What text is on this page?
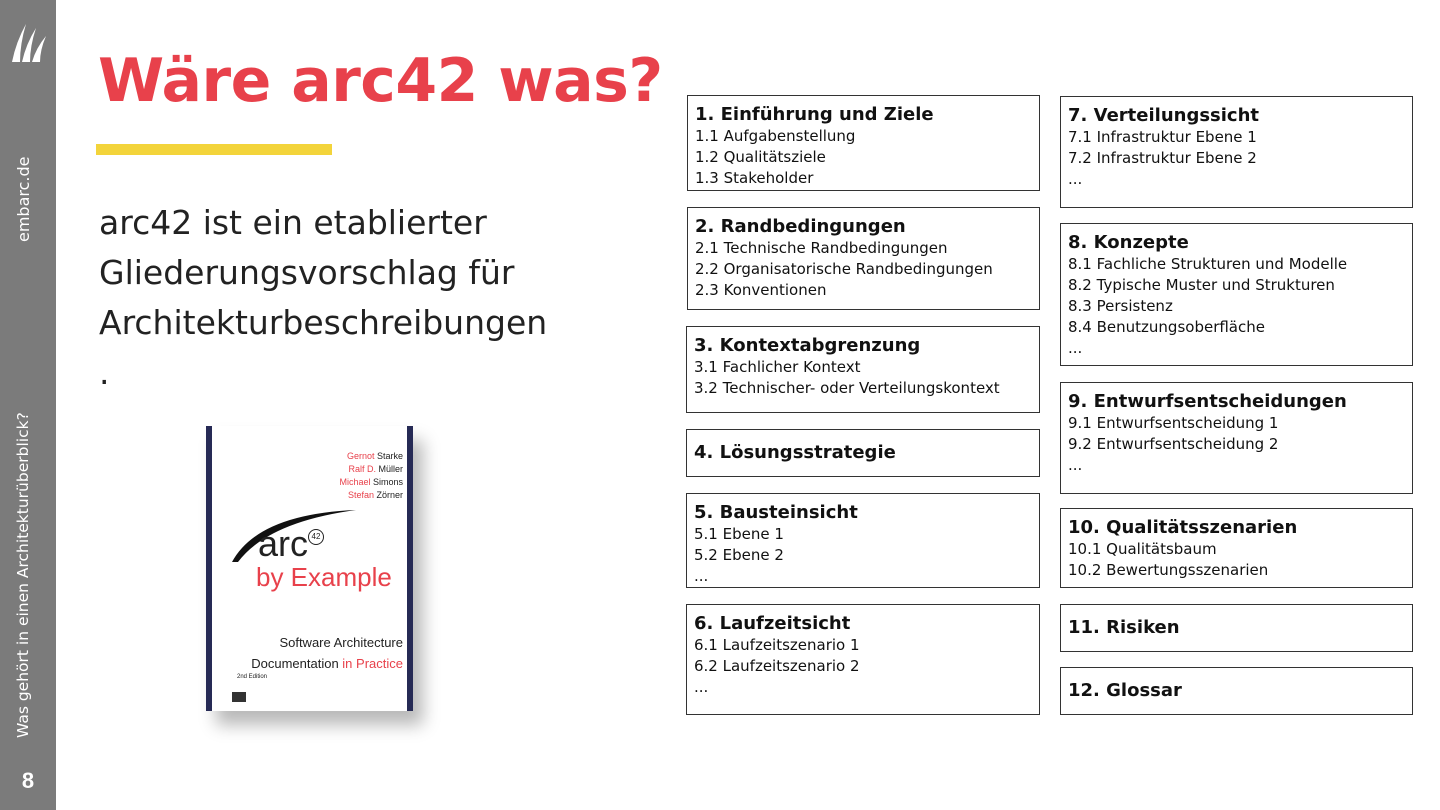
embarc.de
Was gehört in einen Architekturüberblick?
8
Wäre arc42 was?

arc42 ist ein etablierter Gliederungsvorschlag für Architekturbeschreibungen
.

Gernot Starke
Ralf D. Müller
Michael Simons
Stefan Zörner
arc 42
by Example
Software Architecture
Documentation in Practice
2nd Edition
1. Einführung und Ziele
1.1 Aufgabenstellung
1.2 Qualitätsziele
1.3 Stakeholder
2. Randbedingungen
2.1 Technische Randbedingungen
2.2 Organisatorische Randbedingungen
2.3 Konventionen
3. Kontextabgrenzung
3.1 Fachlicher Kontext
3.2 Technischer- oder Verteilungskontext
4. Lösungsstrategie
5. Bausteinsicht
5.1 Ebene 1
5.2 Ebene 2
...
6. Laufzeitsicht
6.1 Laufzeitszenario 1
6.2 Laufzeitszenario 2
...
7. Verteilungssicht
7.1 Infrastruktur Ebene 1
7.2 Infrastruktur Ebene 2
...
8. Konzepte
8.1 Fachliche Strukturen und Modelle
8.2 Typische Muster und Strukturen
8.3 Persistenz
8.4 Benutzungsoberfläche
...
9. Entwurfsentscheidungen
9.1 Entwurfsentscheidung 1
9.2 Entwurfsentscheidung 2
...
10. Qualitätsszenarien
10.1 Qualitätsbaum
10.2 Bewertungsszenarien
11. Risiken
12. Glossar
